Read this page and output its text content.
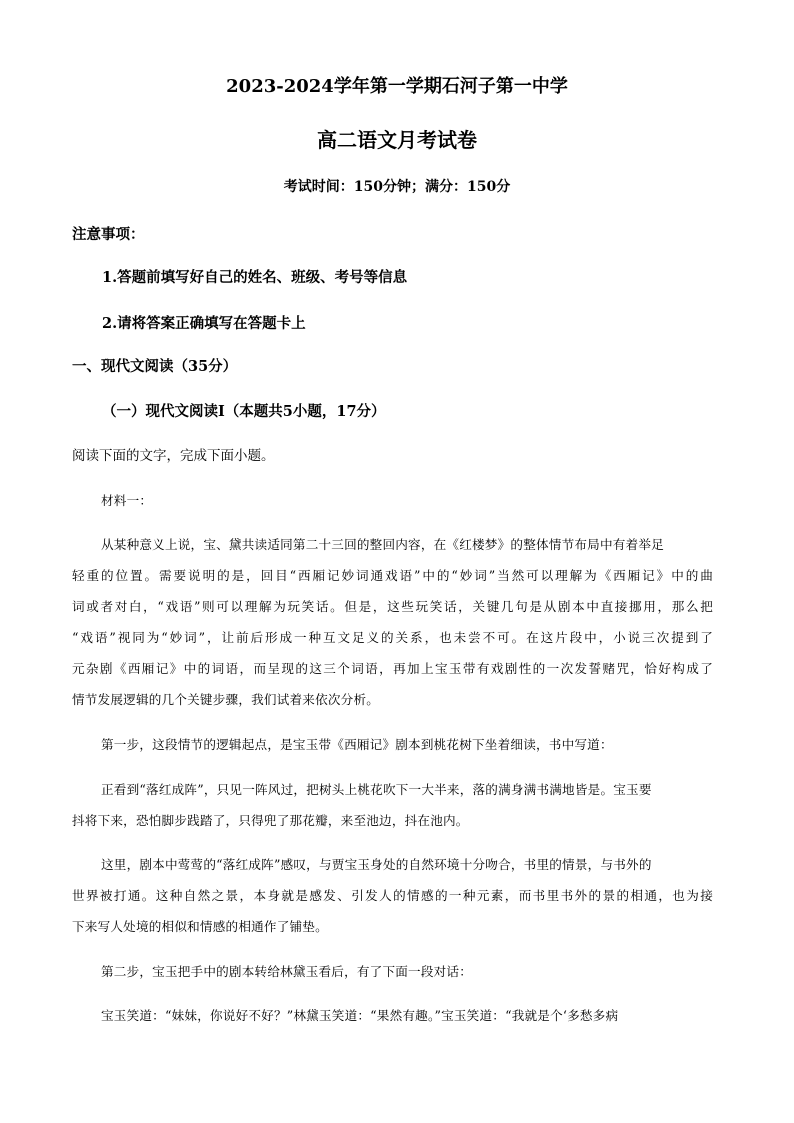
2023-2024学年第一学期石河子第一中学
高二语文月考试卷
考试时间：150分钟；满分：150分
注意事项：
1.答题前填写好自己的姓名、班级、考号等信息
2.请将答案正确填写在答题卡上
一、现代文阅读（35分）
（一）现代文阅读Ⅰ（本题共5小题，17分）
阅读下面的文字，完成下面小题。
材料一：
从某种意义上说，宝、黛共读适同第二十三回的整回内容，在《红楼梦》的整体情节布局中有着举足
轻重的位置。需要说明的是，回目“西厢记妙词通戏语”中的“妙词”当然可以理解为《西厢记》中的曲
词或者对白，“戏语”则可以理解为玩笑话。但是，这些玩笑话，关键几句是从剧本中直接挪用，那么把
“戏语”视同为“妙词”，让前后形成一种互文足义的关系，也未尝不可。在这片段中，小说三次提到了
元杂剧《西厢记》中的词语，而呈现的这三个词语，再加上宝玉带有戏剧性的一次发誓赌咒，恰好构成了
情节发展逻辑的几个关键步骤，我们试着来依次分析。
第一步，这段情节的逻辑起点，是宝玉带《西厢记》剧本到桃花树下坐着细读，书中写道：
正看到“落红成阵”，只见一阵风过，把树头上桃花吹下一大半来，落的满身满书满地皆是。宝玉要
抖将下来，恐怕脚步践踏了，只得兜了那花瓣，来至池边，抖在池内。
这里，剧本中莺莺的“落红成阵”感叹，与贾宝玉身处的自然环境十分吻合，书里的情景，与书外的
世界被打通。这种自然之景，本身就是感发、引发人的情感的一种元素，而书里书外的景的相通，也为接
下来写人处境的相似和情感的相通作了铺垫。
第二步，宝玉把手中的剧本转给林黛玉看后，有了下面一段对话：
宝玉笑道：“妹妹，你说好不好？”林黛玉笑道：“果然有趣。”宝玉笑道：“我就是个‘多愁多病
